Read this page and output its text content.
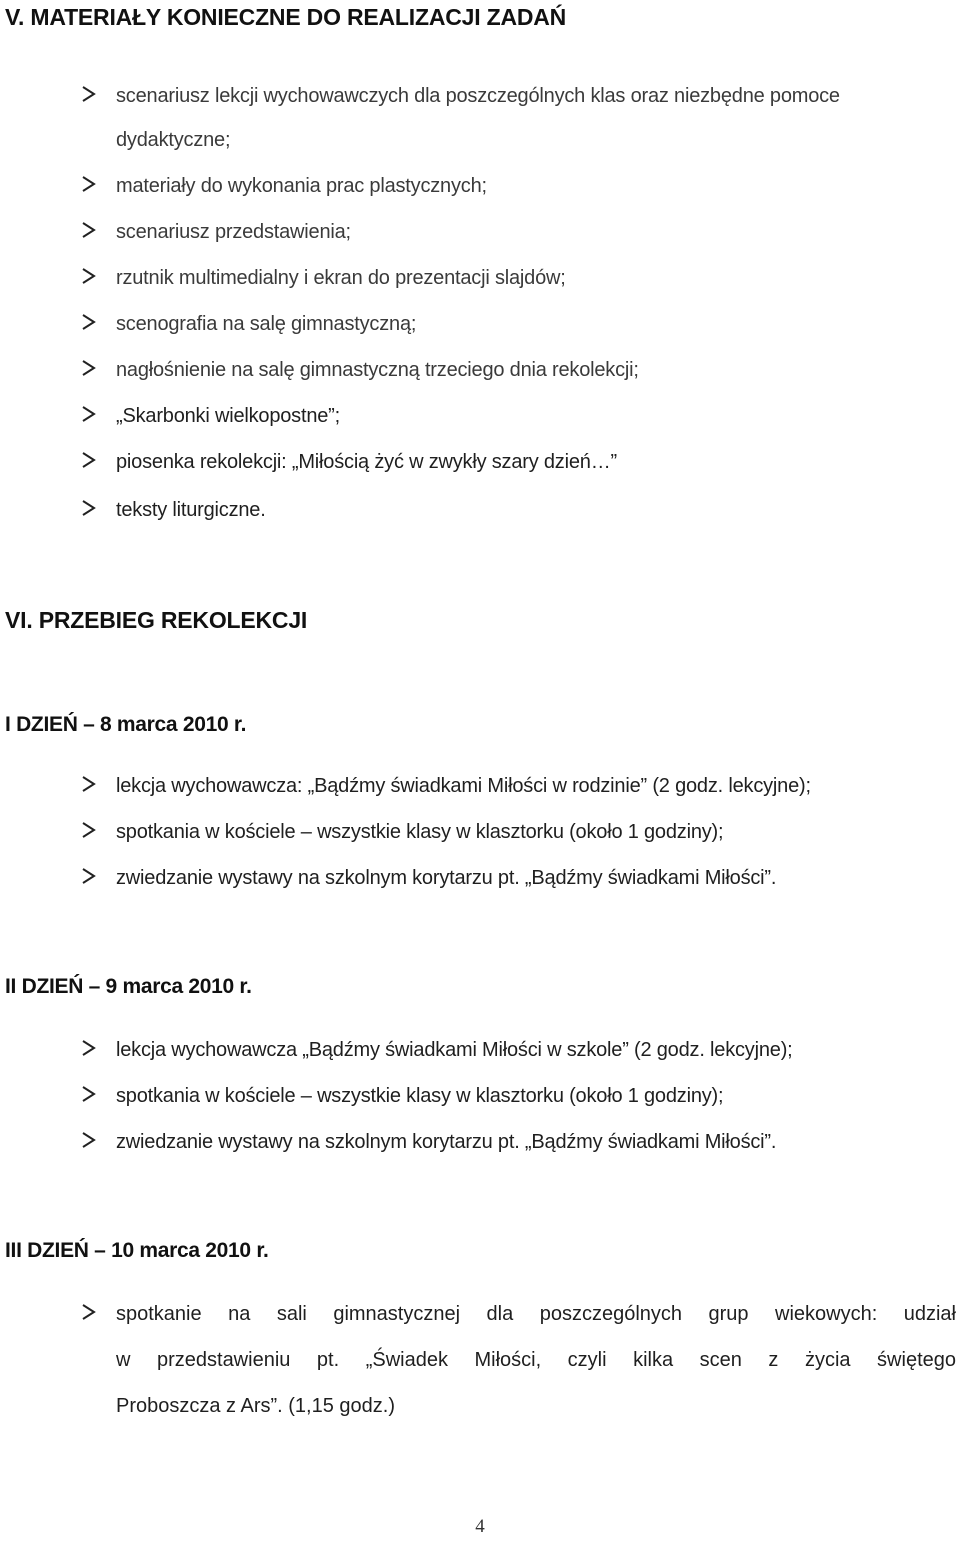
V. MATERIAŁY KONIECZNE DO REALIZACJI ZADAŃ
scenariusz lekcji wychowawczych dla poszczególnych klas oraz niezbędne pomoce
dydaktyczne;
materiały do wykonania prac plastycznych;
scenariusz przedstawienia;
rzutnik multimedialny i ekran do prezentacji slajdów;
scenografia na salę gimnastyczną;
nagłośnienie na salę gimnastyczną trzeciego dnia rekolekcji;
„Skarbonki wielkopostne”;
piosenka rekolekcji: „Miłością żyć w zwykły szary dzień…”
teksty liturgiczne.
VI. PRZEBIEG REKOLEKCJI
I DZIEŃ – 8 marca 2010 r.
lekcja wychowawcza: „Bądźmy świadkami Miłości w rodzinie” (2 godz. lekcyjne);
spotkania w kościele – wszystkie klasy w klasztorku (około 1 godziny);
zwiedzanie wystawy na szkolnym korytarzu pt. „Bądźmy świadkami Miłości”.
II DZIEŃ – 9 marca 2010 r.
lekcja wychowawcza „Bądźmy świadkami Miłości w szkole” (2 godz. lekcyjne);
spotkania w kościele – wszystkie klasy w klasztorku (około 1 godziny);
zwiedzanie wystawy na szkolnym korytarzu pt. „Bądźmy świadkami Miłości”.
III DZIEŃ – 10 marca 2010 r.
spotkanie na sali gimnastycznej dla poszczególnych grup wiekowych: udział
w przedstawieniu pt. „Świadek Miłości, czyli kilka scen z życia świętego
Proboszcza z Ars”. (1,15 godz.)
4
